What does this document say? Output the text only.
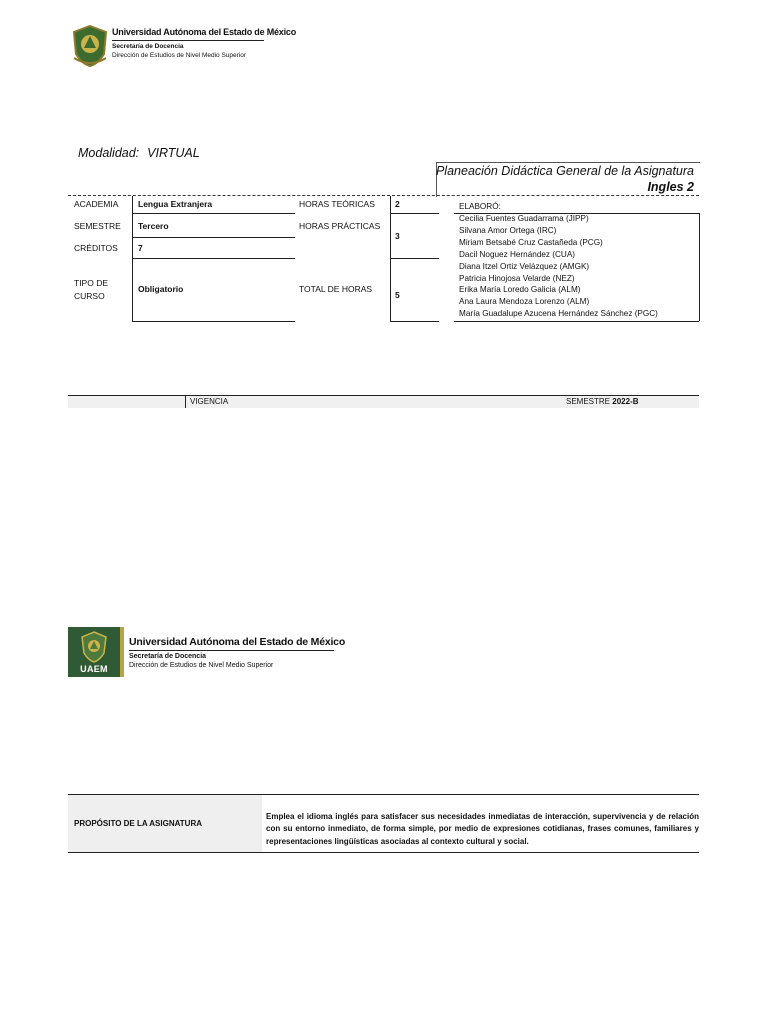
Universidad Autónoma del Estado de México
Secretaría de Docencia
Dirección de Estudios de Nivel Medio Superior
Modalidad: VIRTUAL
Planeación Didáctica General de la Asignatura
Ingles 2
ACADEMIA Lengua Extranjera
SEMESTRE Tercero
CRÉDITOS 7
TIPO DE
CURSO
Obligatorio
HORAS TEÓRICAS
HORAS PRÁCTICAS
TOTAL DE HORAS
2
3
5
ELABORÓ:
Cecilia Fuentes Guadarrama (JIPP)
Silvana Amor Ortega (IRC)
Miriam Betsabé Cruz Castañeda (PCG)
Dacil Noguez Hernández (CUA)
Diana Itzel Ortiz Velázquez (AMGK)
Patricia Hinojosa Velarde (NEZ)
Erika María Loredo Galicia (ALM)
Ana Laura Mendoza Lorenzo (ALM)
María Guadalupe Azucena Hernández Sánchez (PGC)
VIGENCIA	SEMESTRE 2022-B
UAEM
Universidad Autónoma del Estado de México
Secretaría de Docencia
Dirección de Estudios de Nivel Medio Superior
PROPÓSITO DE LA ASIGNATURA
Emplea el idioma inglés para satisfacer sus necesidades inmediatas de interacción, supervivencia y de relación con su entorno inmediato, de forma simple, por medio de expresiones cotidianas, frases comunes, familiares y representaciones lingüísticas asociadas al contexto cultural y social.
